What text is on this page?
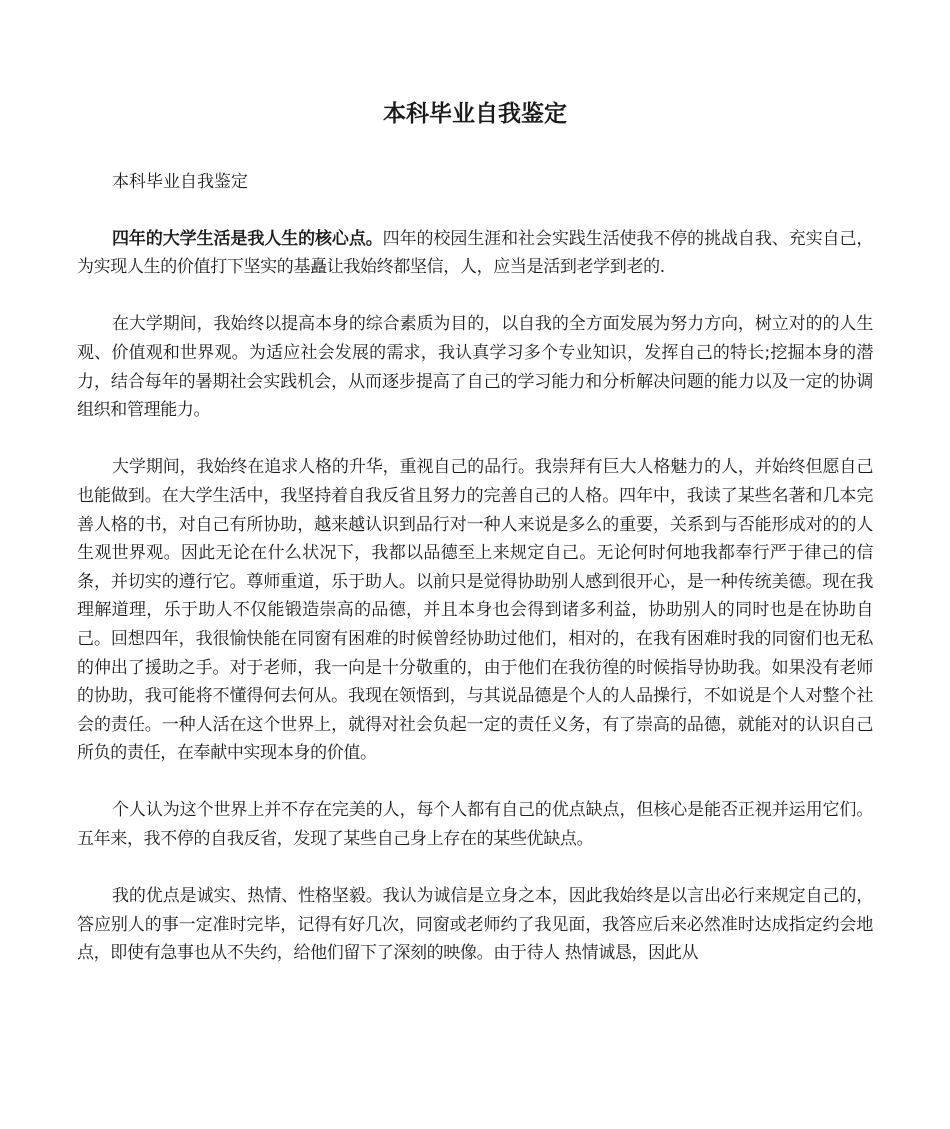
本科毕业自我鉴定

本科毕业自我鉴定

四年的大学生活是我人生的核心点。四年的校园生涯和社会实践生活使我不停的挑战自我、充实自己，为实现人生的价值打下坚实的基矗让我始终都坚信，人，应当是活到老学到老的.

在大学期间，我始终以提高本身的综合素质为目的，以自我的全方面发展为努力方向，树立对的的人生观、价值观和世界观。为适应社会发展的需求，我认真学习多个专业知识，发挥自己的特长;挖掘本身的潜力，结合每年的暑期社会实践机会，从而逐步提高了自己的学习能力和分析解决问题的能力以及一定的协调组织和管理能力。

大学期间，我始终在追求人格的升华，重视自己的品行。我崇拜有巨大人格魅力的人，并始终但愿自己也能做到。在大学生活中，我坚持着自我反省且努力的完善自己的人格。四年中，我读了某些名著和几本完善人格的书，对自己有所协助，越来越认识到品行对一种人来说是多么的重要，关系到与否能形成对的的人生观世界观。因此无论在什么状况下，我都以品德至上来规定自己。无论何时何地我都奉行严于律己的信条，并切实的遵行它。尊师重道，乐于助人。以前只是觉得协助别人感到很开心，是一种传统美德。现在我理解道理，乐于助人不仅能锻造崇高的品德，并且本身也会得到诸多利益，协助别人的同时也是在协助自己。回想四年，我很愉快能在同窗有困难的时候曾经协助过他们，相对的，在我有困难时我的同窗们也无私的伸出了援助之手。对于老师，我一向是十分敬重的，由于他们在我彷徨的时候指导协助我。如果没有老师的协助，我可能将不懂得何去何从。我现在领悟到，与其说品德是个人的人品操行，不如说是个人对整个社会的责任。一种人活在这个世界上，就得对社会负起一定的责任义务，有了崇高的品德，就能对的认识自己所负的责任，在奉献中实现本身的价值。

个人认为这个世界上并不存在完美的人，每个人都有自己的优点缺点，但核心是能否正视并运用它们。五年来，我不停的自我反省，发现了某些自己身上存在的某些优缺点。

我的优点是诚实、热情、性格坚毅。我认为诚信是立身之本，因此我始终是以言出必行来规定自己的，答应别人的事一定准时完毕，记得有好几次，同窗或老师约了我见面，我答应后来必然准时达成指定约会地点，即使有急事也从不失约，给他们留下了深刻的映像。由于待人 热情诚恳，因此从
